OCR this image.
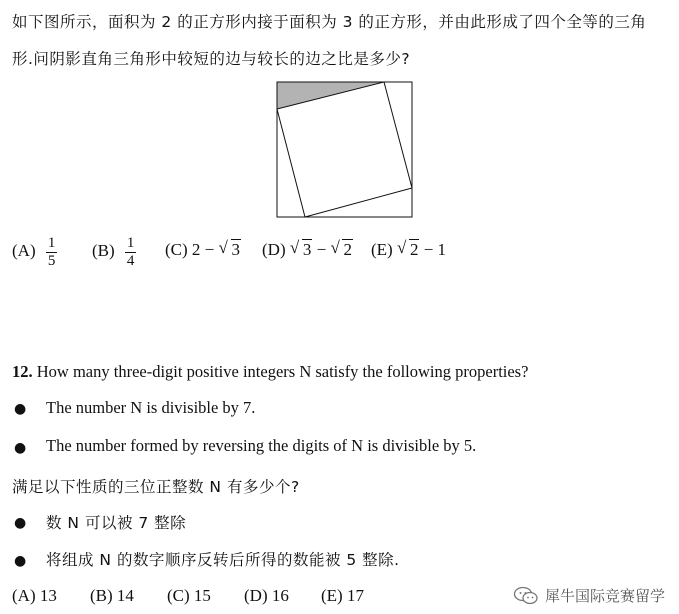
如下图所示，面积为 2 的正方形内接于面积为 3 的正方形，并由此形成了四个全等的三角
形.问阴影直角三角形中较短的边与较长的边之比是多少?
$(A) \frac{1}{5} (B) \frac{1}{4} (C) 2$ − √ 3 (D) √ 3 − √ 2 (E) √ 2 − 1
12. How many three-digit positive integers N satisfy the following properties?
● The number N is divisible by 7.
● The number formed by reversing the digits of N is divisible by 5.
满足以下性质的三位正整数 N 有多少个?
● 数 N 可以被 7 整除
● 将组成 N 的数字顺序反转后所得的数能被 5 整除.
(A) 13 (B) 14 (C) 15 (D) 16 (E) 17	犀牛国际竞赛留学
